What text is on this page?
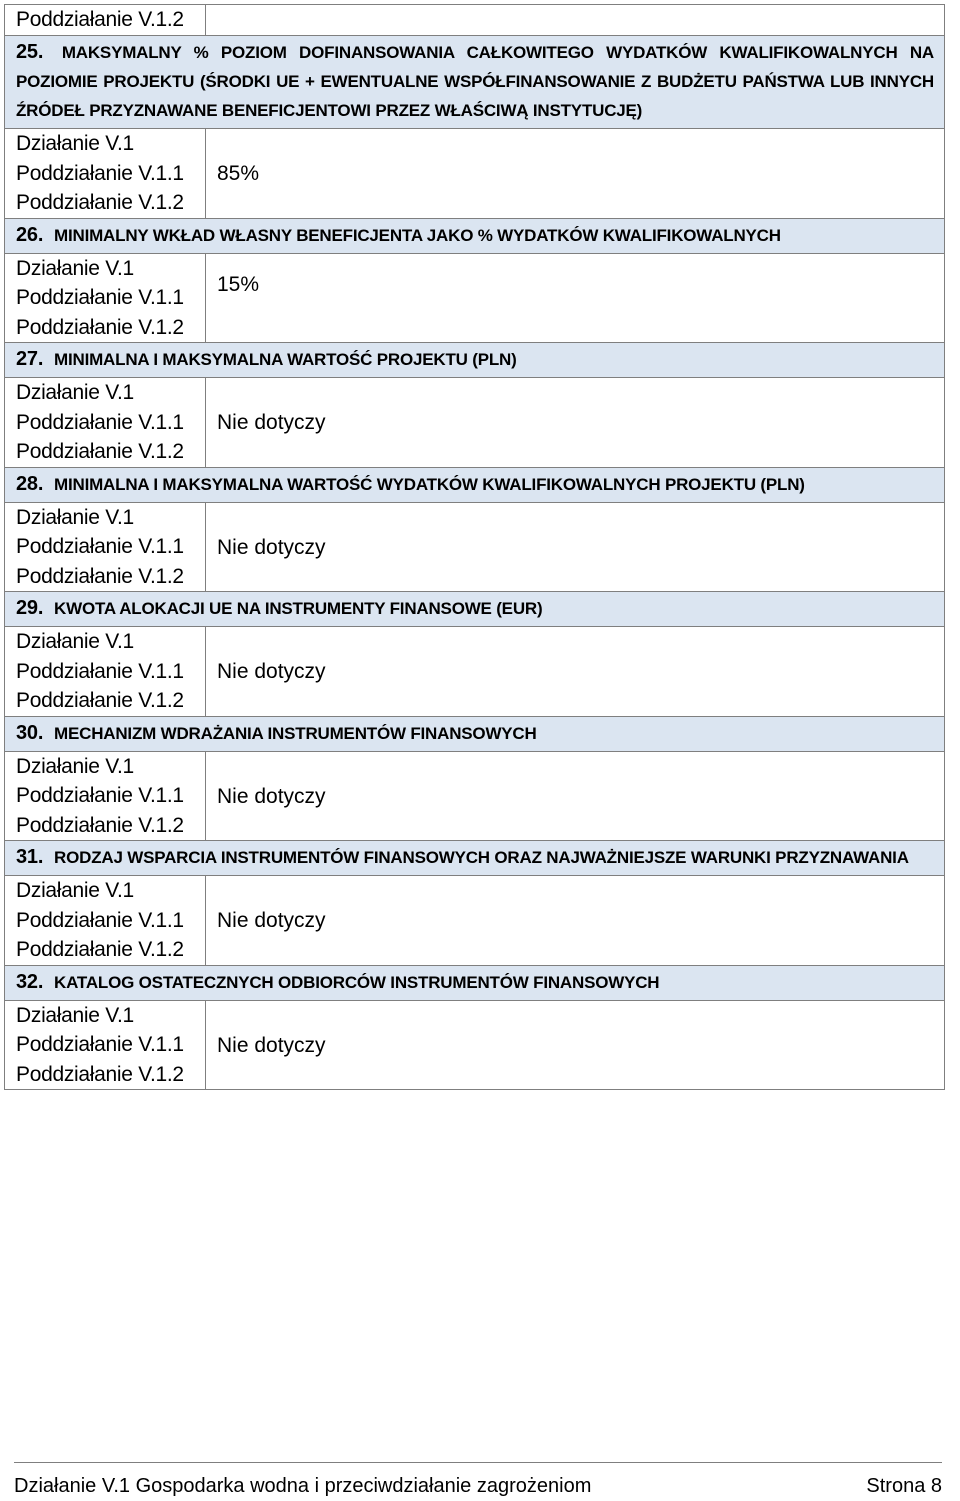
Poddziałanie V.1.2
25. MAKSYMALNY % POZIOM DOFINANSOWANIA CAŁKOWITEGO WYDATKÓW KWALIFIKOWALNYCH NA POZIOMIE PROJEKTU (ŚRODKI UE + EWENTUALNE WSPÓŁFINANSOWANIE Z BUDŻETU PAŃSTWA LUB INNYCH ŹRÓDEŁ PRZYZNAWANE BENEFICJENTOWI PRZEZ WŁAŚCIWĄ INSTYTUCJĘ)
Działanie V.1
Poddziałanie V.1.1
Poddziałanie V.1.2
85%
26. MINIMALNY WKŁAD WŁASNY BENEFICJENTA JAKO % WYDATKÓW KWALIFIKOWALNYCH
Działanie V.1
Poddziałanie V.1.1
Poddziałanie V.1.2
15%
27. MINIMALNA I MAKSYMALNA WARTOŚĆ PROJEKTU (PLN)
Działanie V.1
Poddziałanie V.1.1
Poddziałanie V.1.2
Nie dotyczy
28. MINIMALNA I MAKSYMALNA WARTOŚĆ WYDATKÓW KWALIFIKOWALNYCH PROJEKTU (PLN)
Działanie V.1
Poddziałanie V.1.1
Poddziałanie V.1.2
Nie dotyczy
29. KWOTA ALOKACJI UE NA INSTRUMENTY FINANSOWE (EUR)
Działanie V.1
Poddziałanie V.1.1
Poddziałanie V.1.2
Nie dotyczy
30. MECHANIZM WDRAŻANIA INSTRUMENTÓW FINANSOWYCH
Działanie V.1
Poddziałanie V.1.1
Poddziałanie V.1.2
Nie dotyczy
31. RODZAJ WSPARCIA INSTRUMENTÓW FINANSOWYCH ORAZ NAJWAŻNIEJSZE WARUNKI PRZYZNAWANIA
Działanie V.1
Poddziałanie V.1.1
Poddziałanie V.1.2
Nie dotyczy
32. KATALOG OSTATECZNYCH ODBIORCÓW INSTRUMENTÓW FINANSOWYCH
Działanie V.1
Poddziałanie V.1.1
Poddziałanie V.1.2
Nie dotyczy
Działanie V.1 Gospodarka wodna i przeciwdziałanie zagrożeniom	Strona 8
